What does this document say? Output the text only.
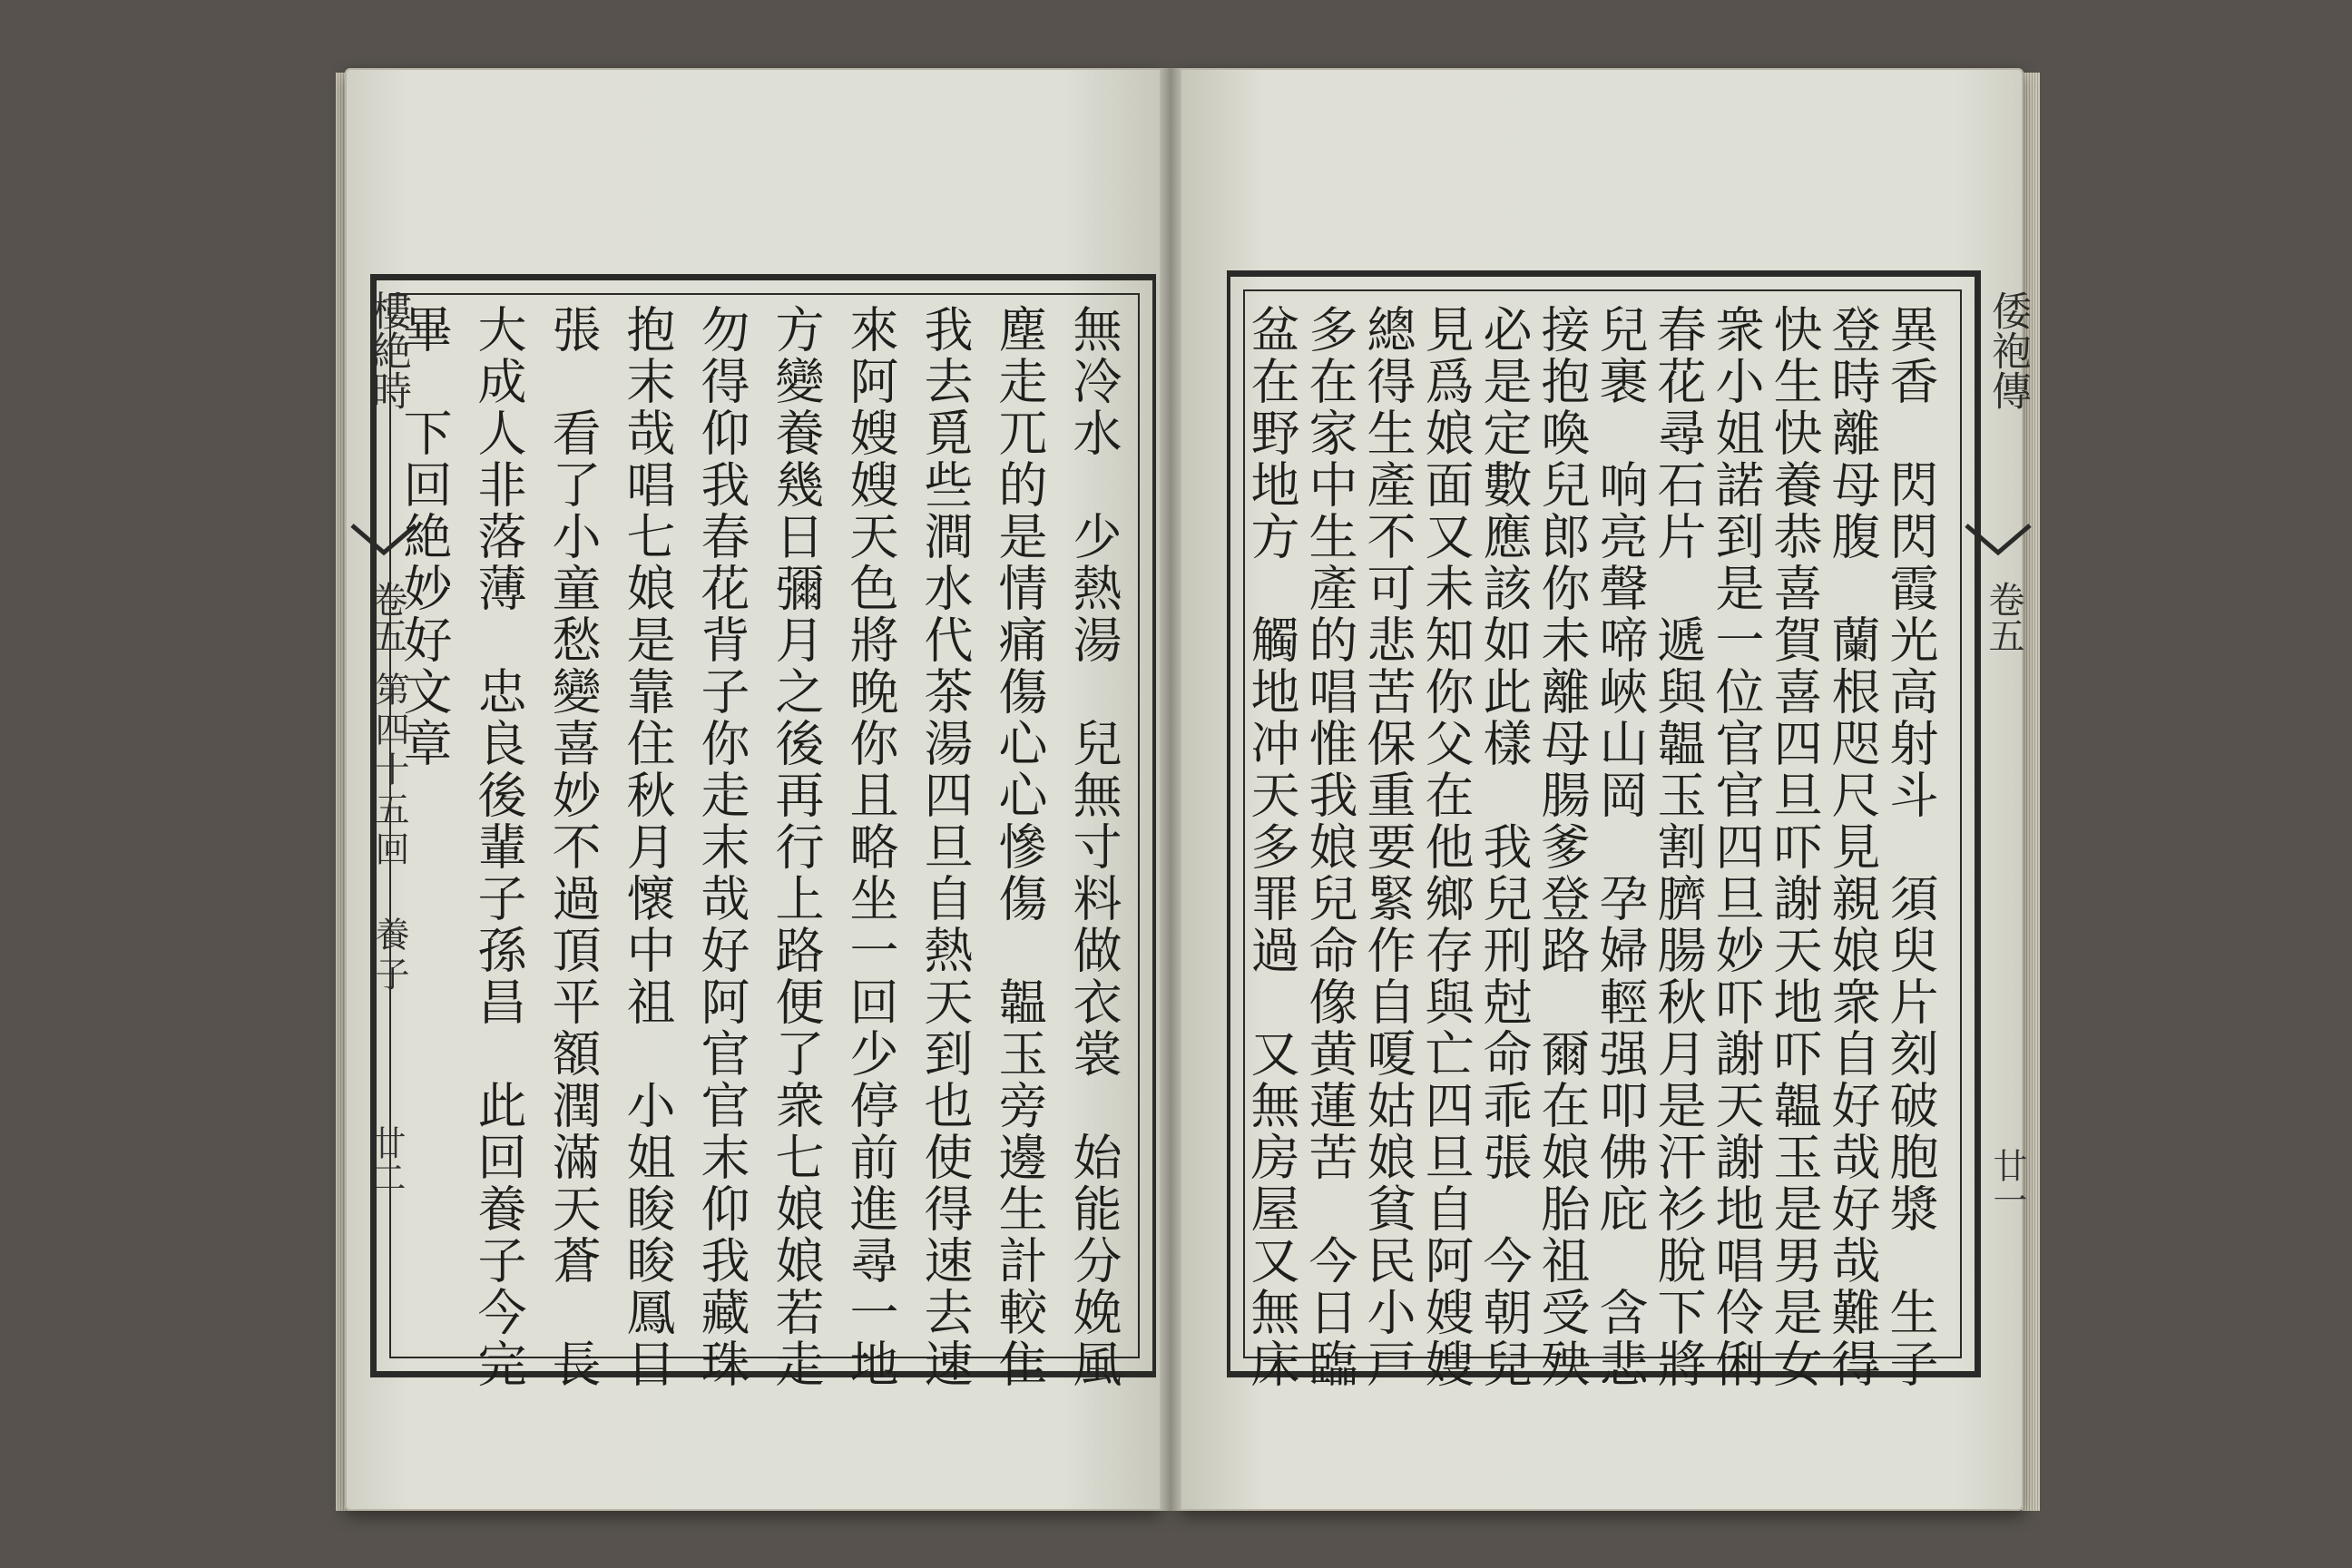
樓絶時
卷五
第四十五回 養子
廿二
倭袍傳
卷五
廿一
無冷水　少熱湯　兒無寸料做衣裳　始能分娩風
塵走兀的是情痛傷心心慘傷　韞玉旁邊生計較隹
我去覓些澗水代茶湯四旦自熱天到也使得速去速
來阿嫂嫂天色將晚你且略坐一回少停前進尋一地
方變養幾日彌月之後再行上路便了衆七娘娘若走
勿得仰我春花背子你走末哉好阿官官末仰我藏珠
抱末哉唱七娘是靠住秋月懷中祖　小姐睃睃鳳目
張　看了小童愁變喜妙不過頂平額潤滿天蒼　長
大成人非落薄　忠良後輩子孫昌　此回養子今完
畢　下回絶妙好文章	異香　閃閃霞光高射斗　須臾片刻破胞漿　生子
登時離母腹　蘭根咫尺見親娘衆自好哉好哉難得
快生快養恭喜賀喜四旦吓謝天地吓韞玉是男是女
衆小姐諾到是一位官官四旦妙吓謝天謝地唱伶俐
春花尋石片　遞與韞玉割臍腸秋月是汗衫脫下將
兒裹　响亮聲啼峽山岡　孕婦輕强叩佛庇　含悲
接抱喚兒郎你未離母腸爹登路　爾在娘胎祖受殃
必是定數應該如此樣　我兒刑尅命乖張　今朝兒
見爲娘面又未知你父在他鄉存與亡四旦自阿嫂嫂
總得生產不可悲苦保重要緊作自嗄姑娘貧民小戸
多在家中生產的唱惟我娘兒命像黄蓮苦　今日臨
盆在野地方　觸地冲天多罪過　又無房屋又無床
